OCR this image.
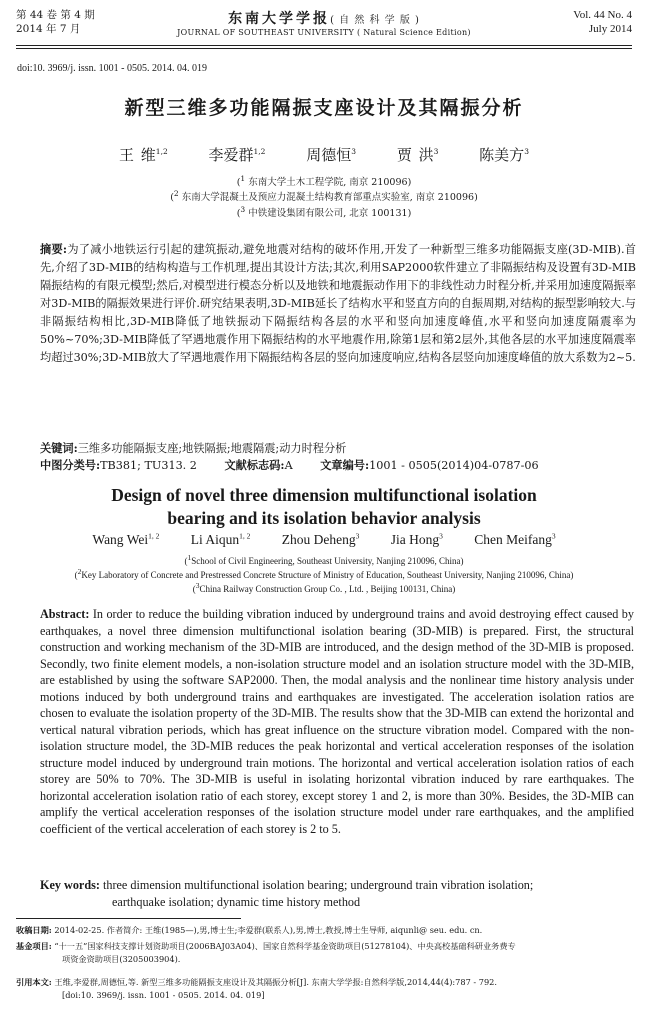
第 44 卷 第 4 期
2014 年 7 月
东南大学学报( 自 然 科 学 版 )
JOURNAL OF SOUTHEAST UNIVERSITY ( Natural Science Edition)
Vol. 44 No. 4
July 2014
doi:10. 3969/j. issn. 1001 - 0505. 2014. 04. 019
新型三维多功能隔振支座设计及其隔振分析
王 维$^{1,2}$	李爱群$^{1,2}$	周德恒$^3$	贾 洪$^3$	陈美方$^3$
($^1$ 东南大学土木工程学院, 南京 210096)
($^2$ 东南大学混凝土及预应力混凝土结构教育部重点实验室, 南京 210096)
($^3$ 中铁建设集团有限公司, 北京 100131)
摘要:为了减小地铁运行引起的建筑振动,避免地震对结构的破坏作用,开发了一种新型三维多功能隔振支座(3D-MIB).首先,介绍了3D-MIB的结构构造与工作机理,提出其设计方法;其次,利用SAP2000软件建立了非隔振结构及设置有3D-MIB隔振结构的有限元模型;然后,对模型进行模态分析以及地铁和地震振动作用下的非线性动力时程分析,并采用加速度隔振率对3D-MIB的隔振效果进行评价.研究结果表明,3D-MIB延长了结构水平和竖直方向的自振周期,对结构的振型影响较大.与非隔振结构相比,3D-MIB降低了地铁振动下隔振结构各层的水平和竖向加速度峰值,水平和竖向加速度隔震率为50%~70%;3D-MIB降低了罕遇地震作用下隔振结构的水平地震作用,除第1层和第2层外,其他各层的水平加速度隔震率均超过30%;3D-MIB放大了罕遇地震作用下隔振结构各层的竖向加速度响应,结构各层竖向加速度峰值的放大系数为2~5.
关键词:三维多功能隔振支座;地铁隔振;地震隔震;动力时程分析
中图分类号:TB381; TU313. 2 文献标志码:A 文章编号:1001 - 0505(2014)04-0787-06
Design of novel three dimension multifunctional isolation
bearing and its isolation behavior analysis
Wang Wei$^{1, 2}$ Li Aiqun$^{1, 2}$ Zhou Deheng$^3$ Jia Hong$^3$ Chen Meifang$^3$
($^1$School of Civil Engineering, Southeast University, Nanjing 210096, China)
($^2$Key Laboratory of Concrete and Prestressed Concrete Structure of Ministry of Education, Southeast University, Nanjing 210096, China)
($^3$China Railway Construction Group Co. , Ltd. , Beijing 100131, China)
Abstract: In order to reduce the building vibration induced by underground trains and avoid destroying effect caused by earthquakes, a novel three dimension multifunctional isolation bearing (3D-MIB) is prepared. First, the structural construction and working mechanism of the 3D-MIB are introduced, and the design method of the 3D-MIB is proposed. Secondly, two finite element models, a non-isolation structure model and an isolation structure model with the 3D-MIB, are established by using the software SAP2000. Then, the modal analysis and the nonlinear time history analysis under motions induced by both underground trains and earthquakes are investigated. The acceleration isolation ratios are chosen to evaluate the isolation property of the 3D-MIB. The results show that the 3D-MIB can extend the horizontal and vertical natural vibration periods, which has great influence on the structure vibration model. Compared with the non-isolation structure model, the 3D-MIB reduces the peak horizontal and vertical acceleration responses of the isolation structure model induced by underground train motions. The horizontal and vertical acceleration isolation ratios of each storey are 50% to 70%. The 3D-MIB is useful in isolating horizontal vibration induced by rare earthquakes. The horizontal acceleration isolation ratio of each storey, except storey 1 and 2, is more than 30%. Besides, the 3D-MIB can amplify the vertical acceleration responses of the isolation structure model under rare earthquakes, and the amplified coefficient of the vertical acceleration of each storey is 2 to 5.
Key words: three dimension multifunctional isolation bearing; underground train vibration isolation;
earthquake isolation; dynamic time history method
收稿日期: 2014-02-25. 作者简介: 王维(1985—),男,博士生;李爱群(联系人),男,博士,教授,博士生导师, aiqunli@ seu. edu. cn.
基金项目: “十一五”国家科技支撑计划资助项目(2006BAJ03A04)、国家自然科学基金资助项目(51278104)、中央高校基础科研业务费专
项资金资助项目(3205003904).
引用本文: 王维,李爱群,周德恒,等. 新型三维多功能隔振支座设计及其隔振分析[J]. 东南大学学报:自然科学版,2014,44(4):787 - 792.
[doi:10. 3969/j. issn. 1001 - 0505. 2014. 04. 019]
